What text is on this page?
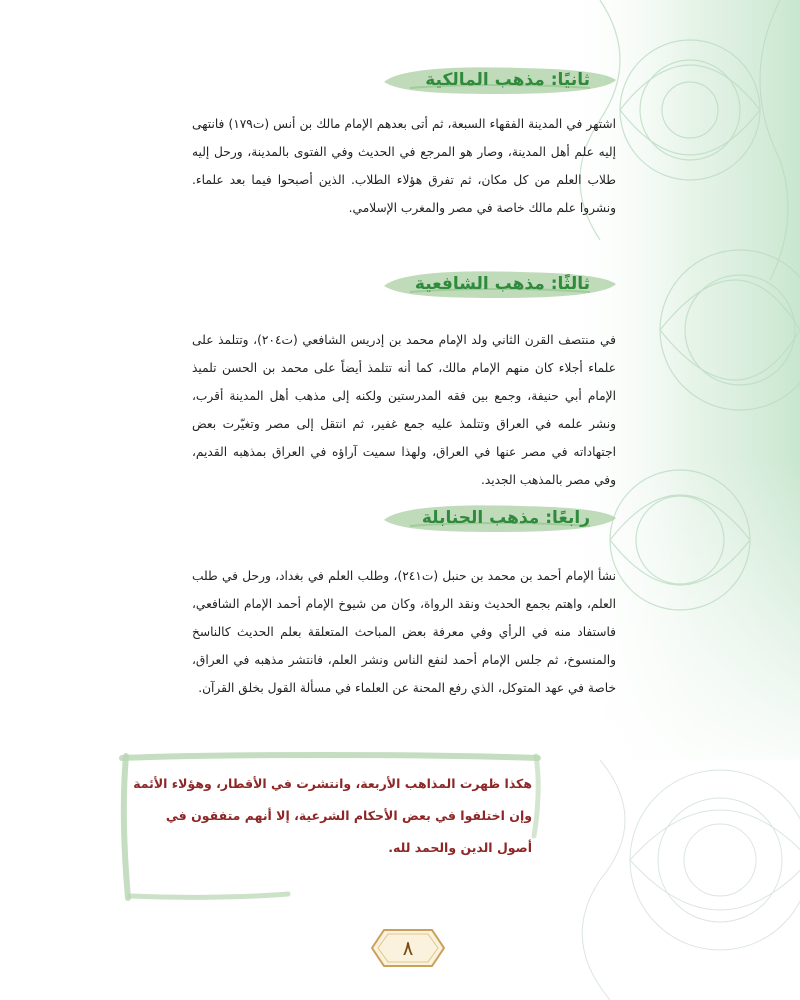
ثانيًا: مذهب المالكية

اشتهر في المدينة الفقهاء السبعة، ثم أتى بعدهم الإمام مالك بن أنس (ت١٧٩) فانتهى إليه علم أهل المدينة، وصار هو المرجع في الحديث وفي الفتوى بالمدينة، ورحل إليه طلاب العلم من كل مكان، ثم تفرق هؤلاء الطلاب. الذين أصبحوا فيما بعد علماء. ونشروا علم مالك خاصة في مصر والمغرب الإسلامي.

ثالثًا: مذهب الشافعية

في منتصف القرن الثاني ولد الإمام محمد بن إدريس الشافعي (ت٢٠٤)، وتتلمذ على علماء أجلاء كان منهم الإمام مالك، كما أنه تتلمذ أيضاً على محمد بن الحسن تلميذ الإمام أبي حنيفة، وجمع بين فقه المدرستين ولكنه إلى مذهب أهل المدينة أقرب، ونشر علمه في العراق وتتلمذ عليه جمع غفير، ثم انتقل إلى مصر وتغيّرت بعض اجتهاداته في مصر عنها في العراق، ولهذا سميت آراؤه في العراق بمذهبه القديم، وفي مصر بالمذهب الجديد.

رابعًا: مذهب الحنابلة

نشأ الإمام أحمد بن محمد بن حنبل (ت٢٤١)، وطلب العلم في بغداد، ورحل في طلب العلم، واهتم بجمع الحديث ونقد الرواة، وكان من شيوخ الإمام أحمد الإمام الشافعي، فاستفاد منه في الرأي وفي معرفة بعض المباحث المتعلقة بعلم الحديث كالناسخ والمنسوخ، ثم جلس الإمام أحمد لنفع الناس ونشر العلم، فانتشر مذهبه في العراق، خاصة في عهد المتوكل، الذي رفع المحنة عن العلماء في مسألة القول بخلق القرآن.

هكذا ظهرت المذاهب الأربعة، وانتشرت في الأقطار، وهؤلاء الأئمة وإن اختلفوا في بعض الأحكام الشرعية، إلا أنهم متفقون في أصول الدين والحمد لله.

٨
